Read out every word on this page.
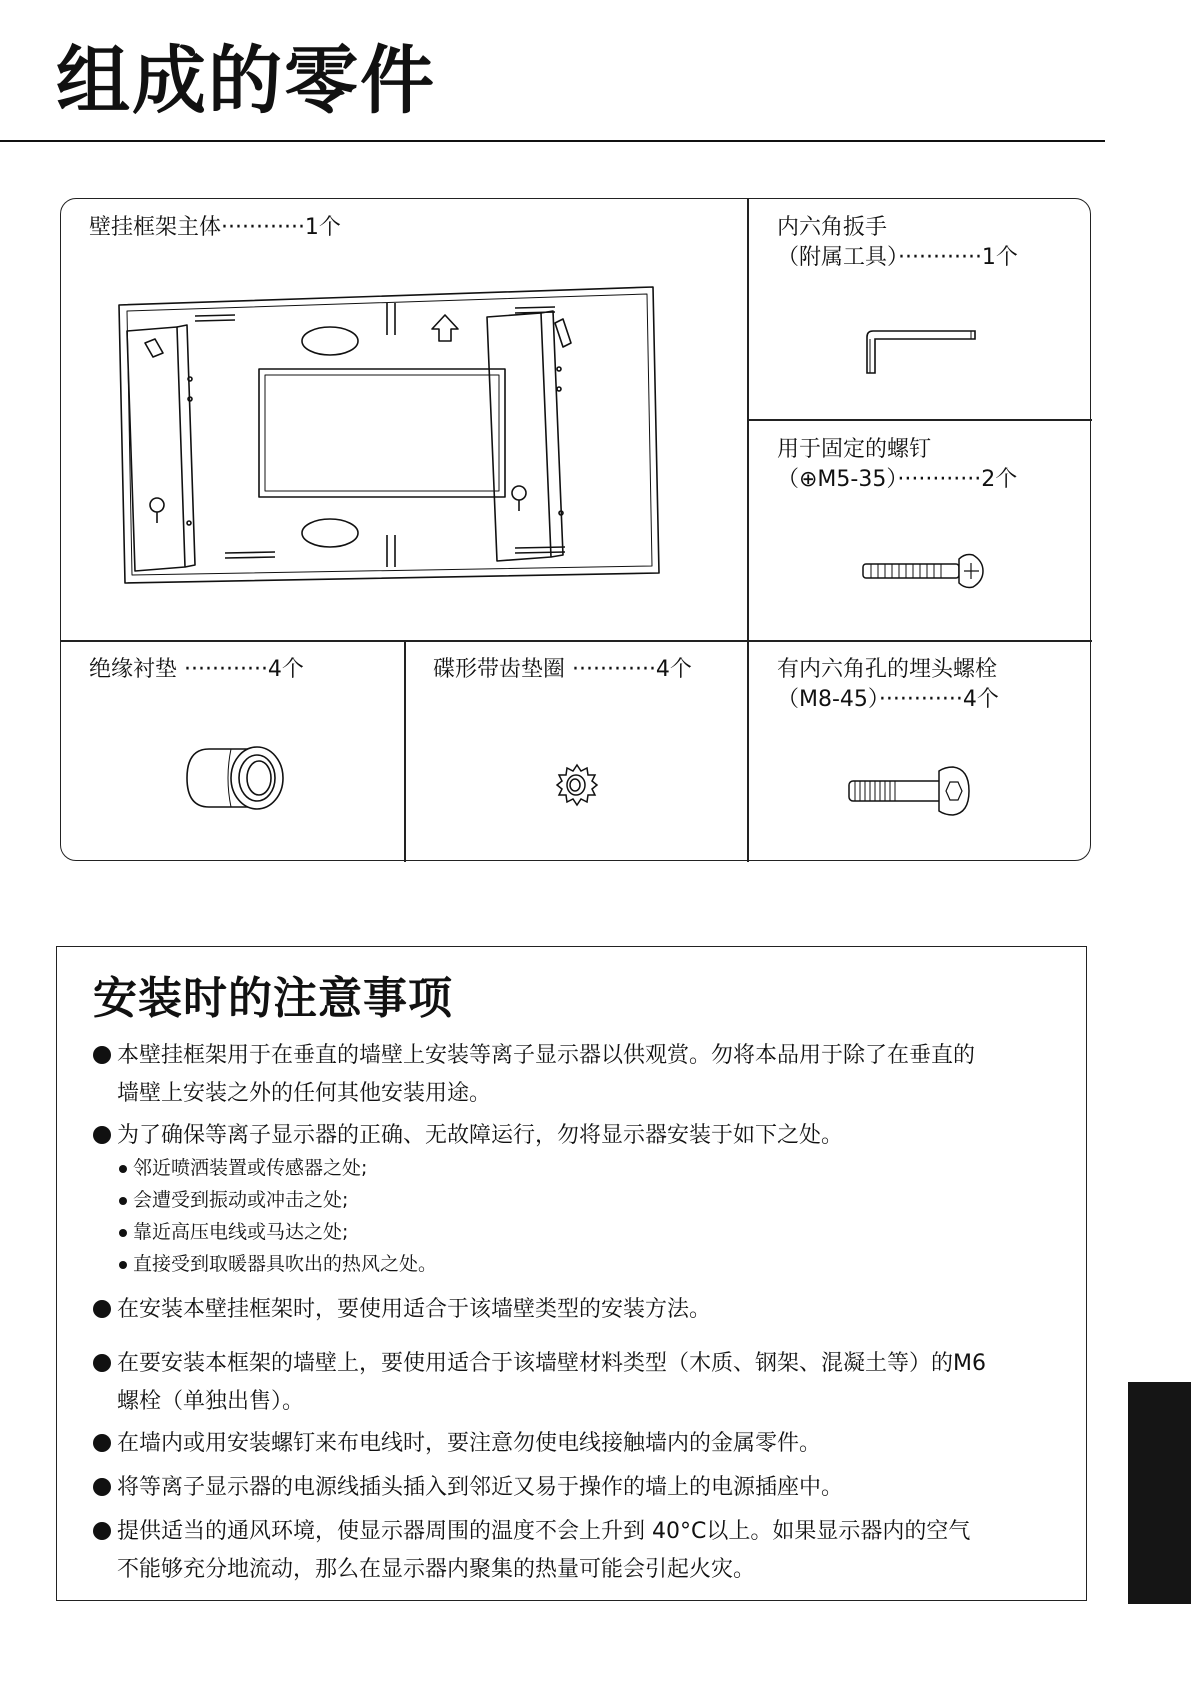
组成的零件
壁挂框架主体············1个	内六角扳手
（附属工具）············1个
用于固定的螺钉
（⊕M5-35）············2个
绝缘衬垫 ············4个	碟形带齿垫圈 ············4个	有内六角孔的埋头螺栓
（M8-45）············4个
安装时的注意事项
本壁挂框架用于在垂直的墙壁上安装等离子显示器以供观赏。勿将本品用于除了在垂直的
墙壁上安装之外的任何其他安装用途。
为了确保等离子显示器的正确、无故障运行，勿将显示器安装于如下之处。
邻近喷洒装置或传感器之处;
会遭受到振动或冲击之处;
靠近高压电线或马达之处;
直接受到取暖器具吹出的热风之处。
在安装本壁挂框架时，要使用适合于该墙壁类型的安装方法。
在要安装本框架的墙壁上，要使用适合于该墙壁材料类型（木质、钢架、混凝土等）的M6
螺栓（单独出售）。
在墙内或用安装螺钉来布电线时，要注意勿使电线接触墙内的金属零件。
将等离子显示器的电源线插头插入到邻近又易于操作的墙上的电源插座中。
提供适当的通风环境，使显示器周围的温度不会上升到 40°C以上。如果显示器内的空气
不能够充分地流动，那么在显示器内聚集的热量可能会引起火灾。
